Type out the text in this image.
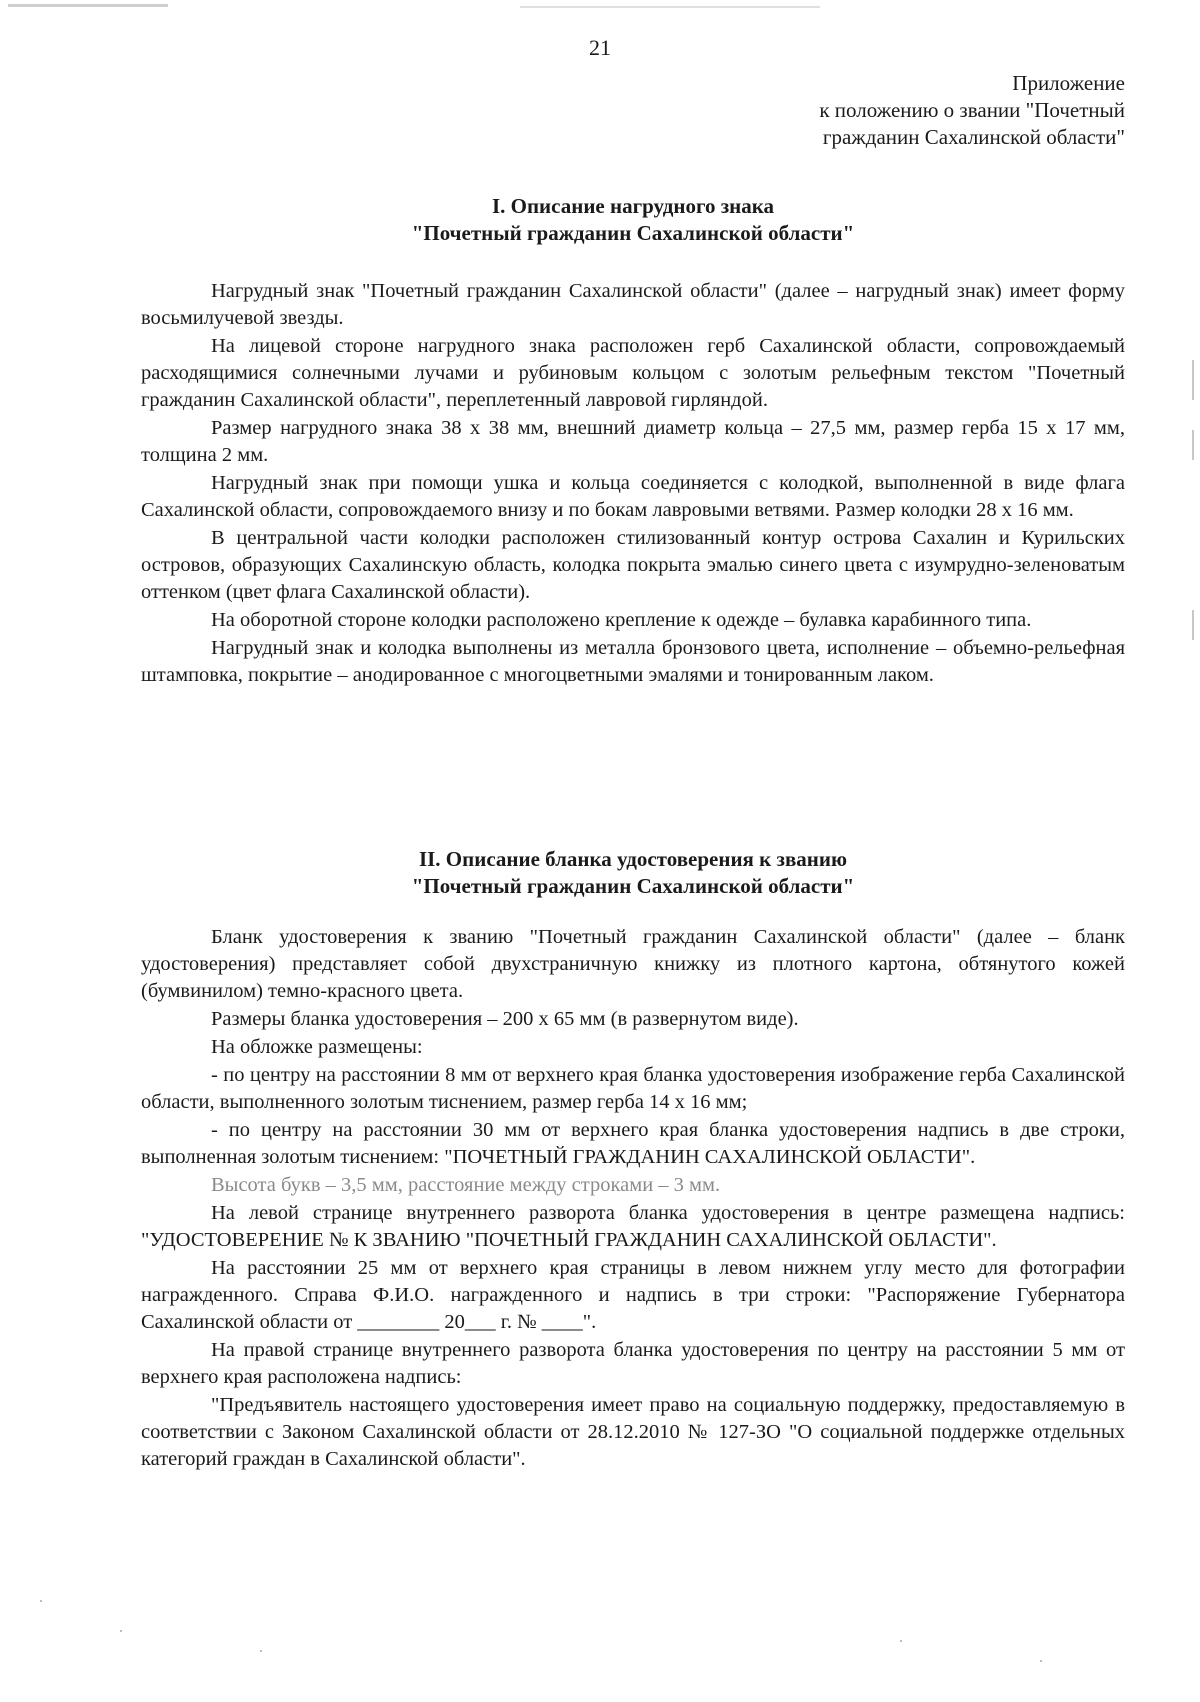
21
Приложение
к положению о звании "Почетный
гражданин Сахалинской области"
I. Описание нагрудного знака
"Почетный гражданин Сахалинской области"

Нагрудный знак "Почетный гражданин Сахалинской области" (далее – нагрудный знак) имеет форму восьмилучевой звезды.

На лицевой стороне нагрудного знака расположен герб Сахалинской области, сопровождаемый расходящимися солнечными лучами и рубиновым кольцом с золотым рельефным текстом "Почетный гражданин Сахалинской области", переплетенный лавровой гирляндой.

Размер нагрудного знака 38 х 38 мм, внешний диаметр кольца – 27,5 мм, размер герба 15 х 17 мм, толщина 2 мм.

Нагрудный знак при помощи ушка и кольца соединяется с колодкой, выполненной в виде флага Сахалинской области, сопровождаемого внизу и по бокам лавровыми ветвями. Размер колодки 28 х 16 мм.

В центральной части колодки расположен стилизованный контур острова Сахалин и Курильских островов, образующих Сахалинскую область, колодка покрыта эмалью синего цвета с изумрудно-зеленоватым оттенком (цвет флага Сахалинской области).

На оборотной стороне колодки расположено крепление к одежде – булавка карабинного типа.

Нагрудный знак и колодка выполнены из металла бронзового цвета, исполнение – объемно-рельефная штамповка, покрытие – анодированное с многоцветными эмалями и тонированным лаком.

II. Описание бланка удостоверения к званию
"Почетный гражданин Сахалинской области"

Бланк удостоверения к званию "Почетный гражданин Сахалинской области" (далее – бланк удостоверения) представляет собой двухстраничную книжку из плотного картона, обтянутого кожей (бумвинилом) темно-красного цвета.

Размеры бланка удостоверения – 200 х 65 мм (в развернутом виде).

На обложке размещены:

- по центру на расстоянии 8 мм от верхнего края бланка удостоверения изображение герба Сахалинской области, выполненного золотым тиснением, размер герба 14 х 16 мм;

- по центру на расстоянии 30 мм от верхнего края бланка удостоверения надпись в две строки, выполненная золотым тиснением: "ПОЧЕТНЫЙ ГРАЖДАНИН САХАЛИНСКОЙ ОБЛАСТИ".

Высота букв – 3,5 мм, расстояние между строками – 3 мм.

На левой странице внутреннего разворота бланка удостоверения в центре размещена надпись: "УДОСТОВЕРЕНИЕ № К ЗВАНИЮ "ПОЧЕТНЫЙ ГРАЖДАНИН САХАЛИНСКОЙ ОБЛАСТИ".

На расстоянии 25 мм от верхнего края страницы в левом нижнем углу место для фотографии награжденного. Справа Ф.И.О. награжденного и надпись в три строки: "Распоряжение Губернатора Сахалинской области от ________ 20___ г. № ____".

На правой странице внутреннего разворота бланка удостоверения по центру на расстоянии 5 мм от верхнего края расположена надпись:

"Предъявитель настоящего удостоверения имеет право на социальную поддержку, предоставляемую в соответствии с Законом Сахалинской области от 28.12.2010 № 127-ЗО "О социальной поддержке отдельных категорий граждан в Сахалинской области".
